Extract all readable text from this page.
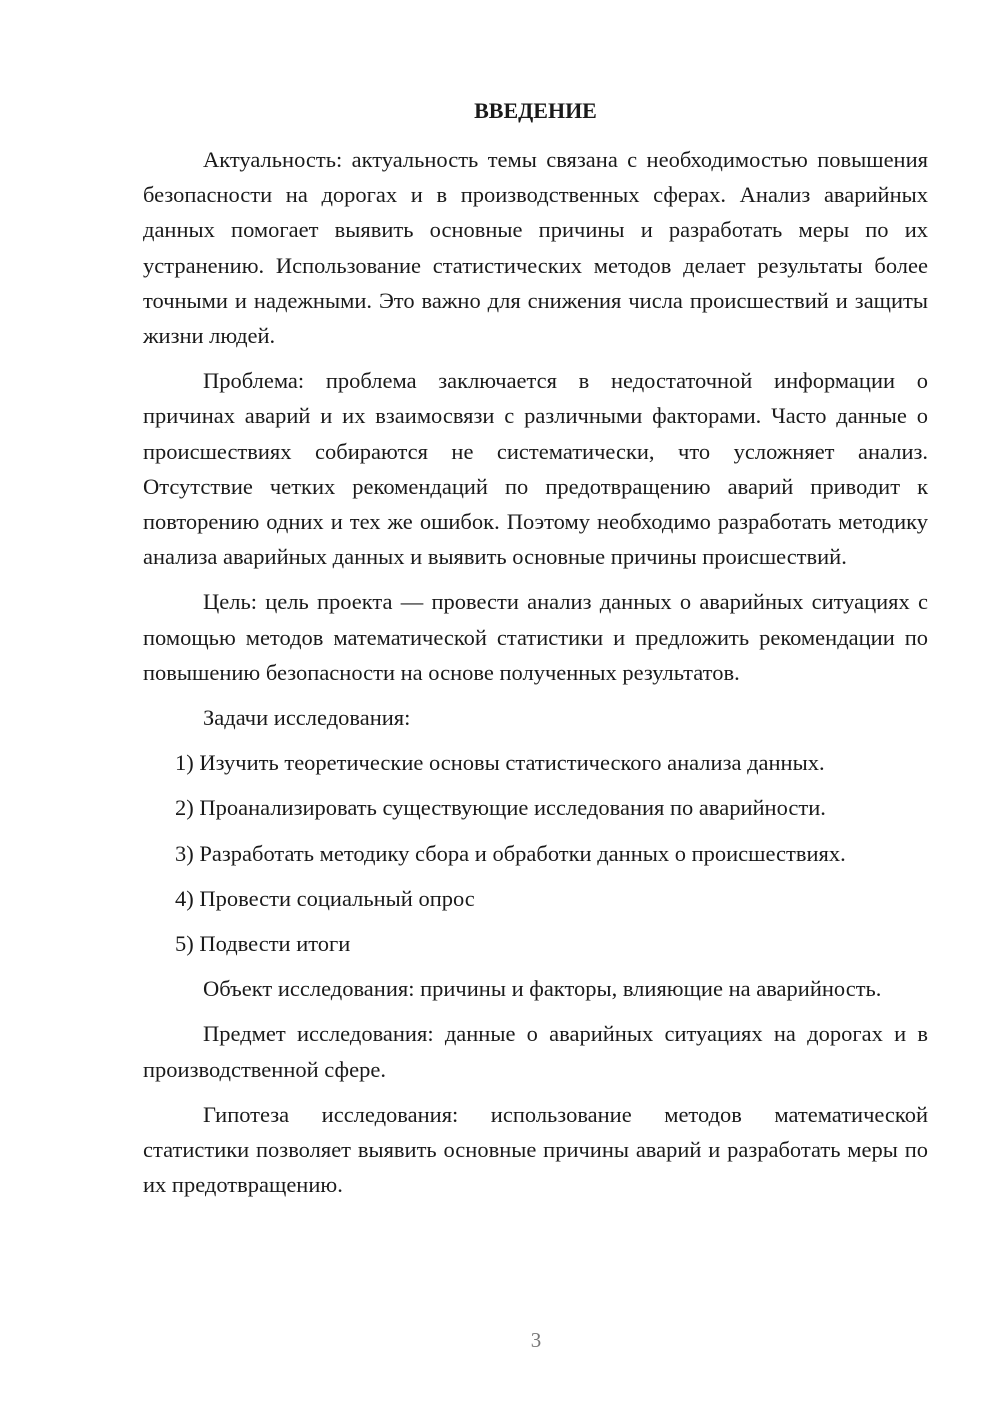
ВВЕДЕНИЕ

Актуальность: актуальность темы связана с необходимостью повышения безопасности на дорогах и в производственных сферах. Анализ аварийных данных помогает выявить основные причины и разработать меры по их устранению. Использование статистических методов делает результаты более точными и надежными. Это важно для снижения числа происшествий и защиты жизни людей.

Проблема: проблема заключается в недостаточной информации о причинах аварий и их взаимосвязи с различными факторами. Часто данные о происшествиях собираются не систематически, что усложняет анализ. Отсутствие четких рекомендаций по предотвращению аварий приводит к повторению одних и тех же ошибок. Поэтому необходимо разработать методику анализа аварийных данных и выявить основные причины происшествий.

Цель: цель проекта — провести анализ данных о аварийных ситуациях с помощью методов математической статистики и предложить рекомендации по повышению безопасности на основе полученных результатов.

Задачи исследования:

1) Изучить теоретические основы статистического анализа данных.
2) Проанализировать существующие исследования по аварийности.
3) Разработать методику сбора и обработки данных о происшествиях.
4) Провести социальный опрос
5) Подвести итоги

Объект исследования: причины и факторы, влияющие на аварийность.

Предмет исследования: данные о аварийных ситуациях на дорогах и в производственной сфере.

Гипотеза исследования: использование методов математической статистики позволяет выявить основные причины аварий и разработать меры по их предотвращению.

3
